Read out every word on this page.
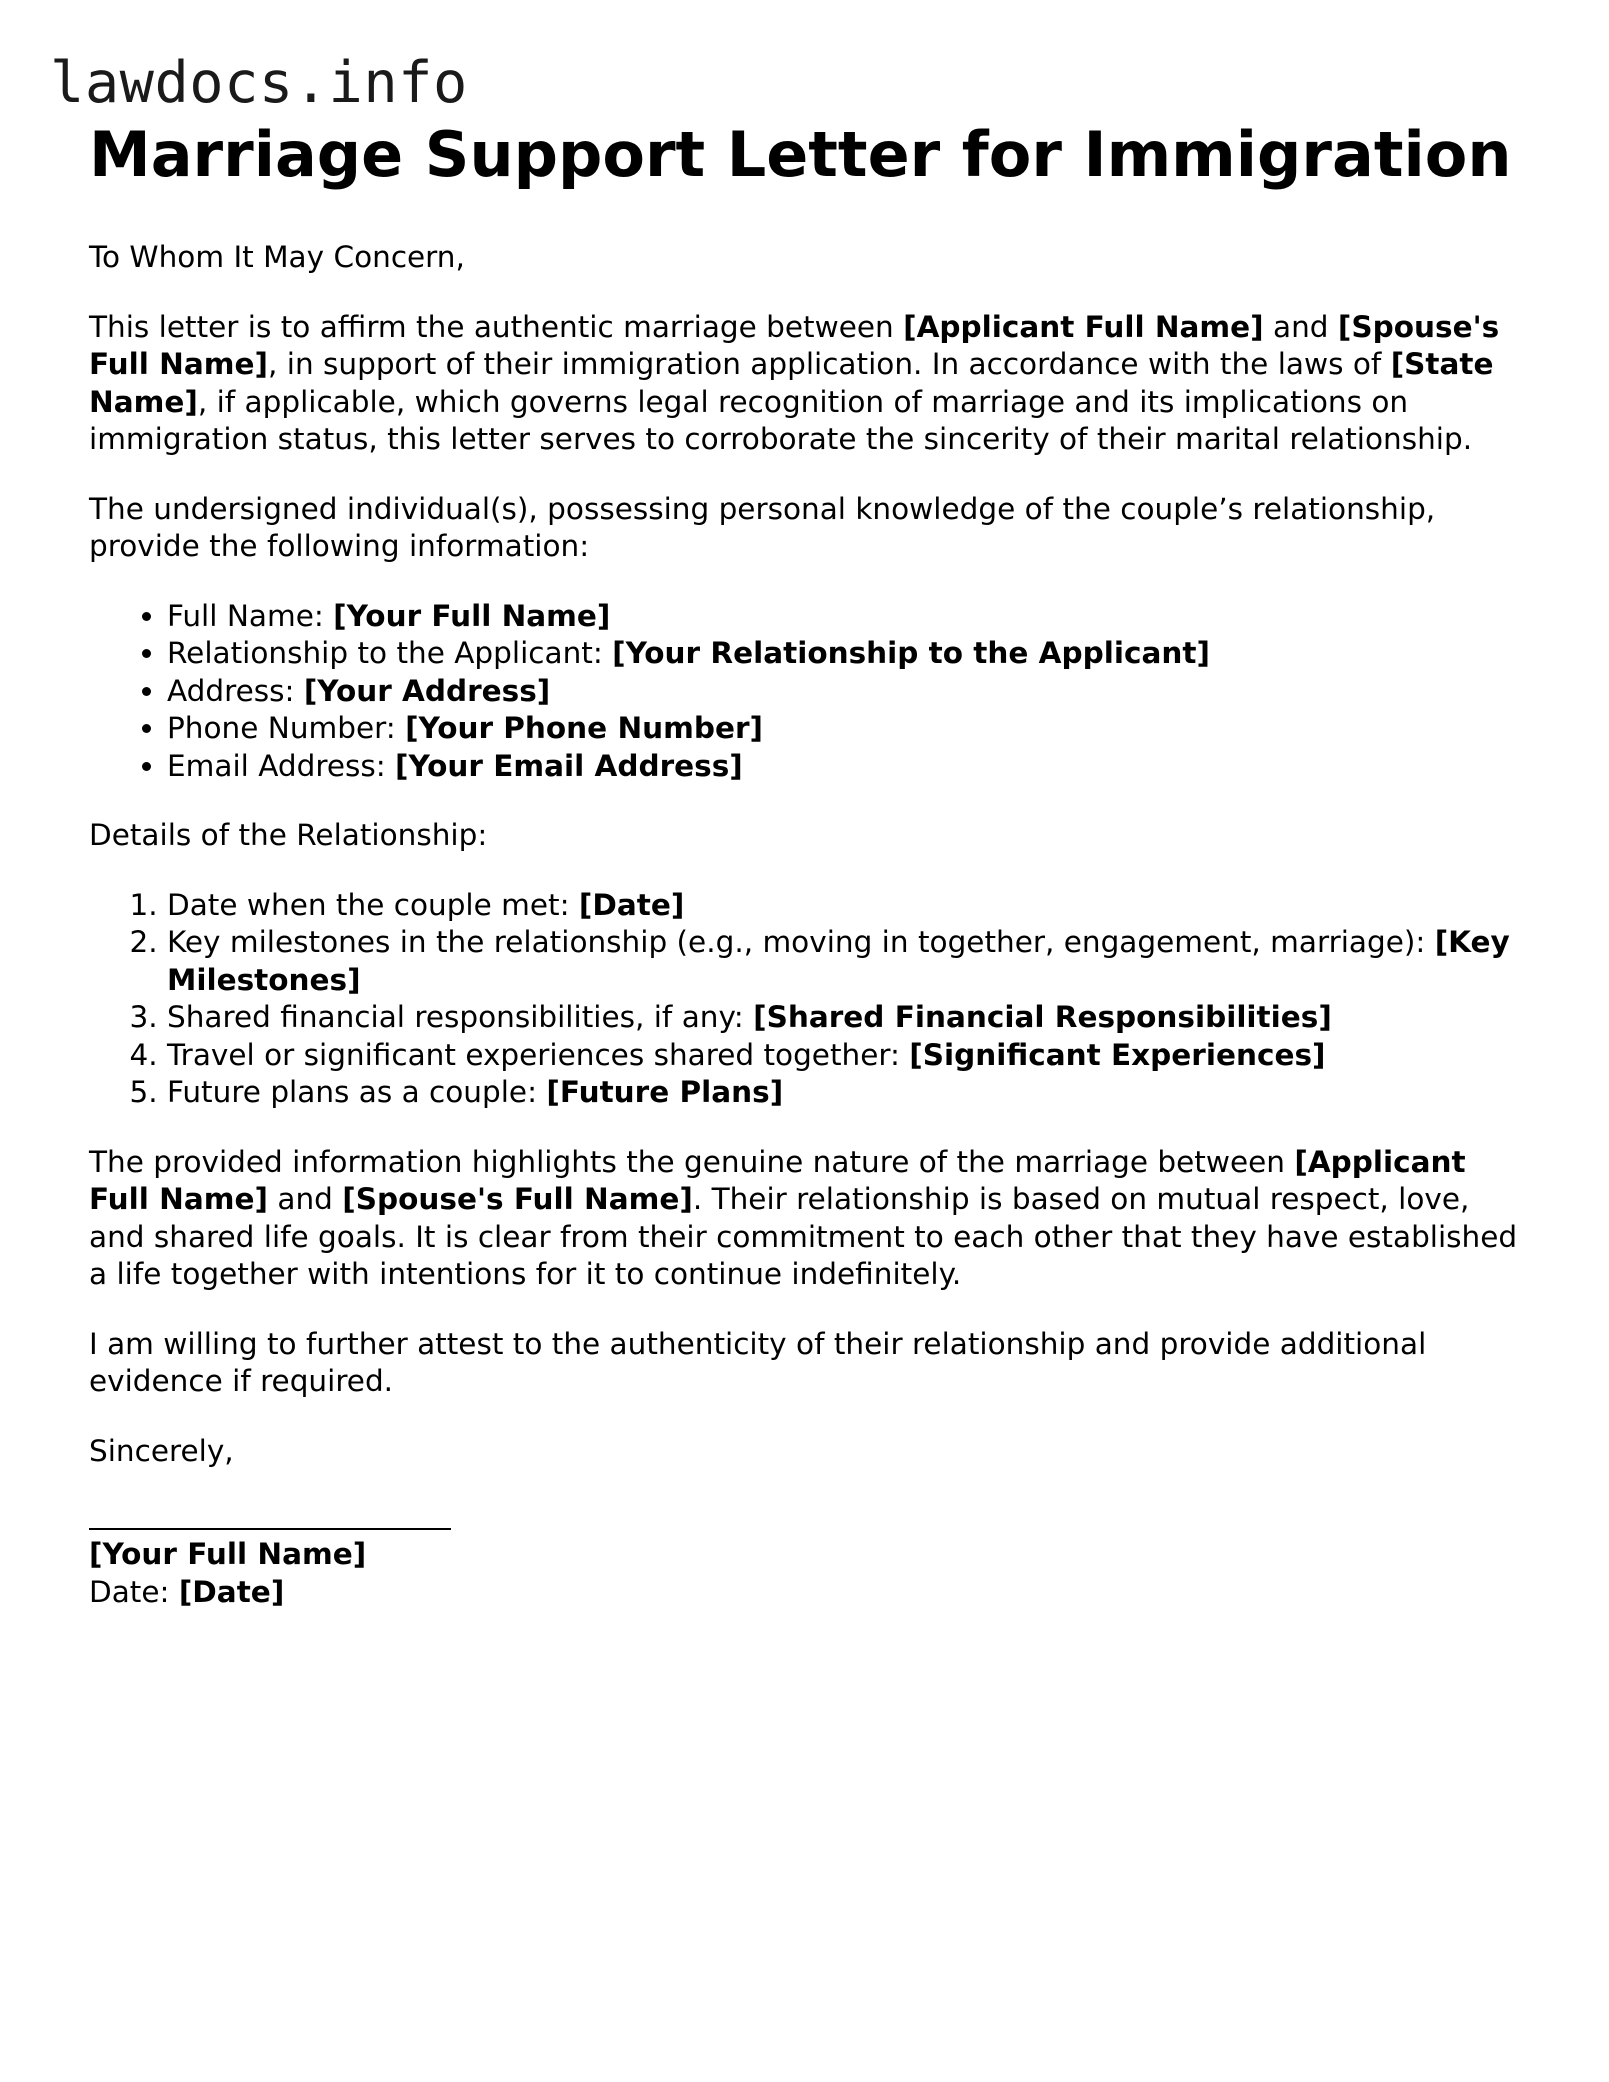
lawdocs.info
Marriage Support Letter for Immigration

To Whom It May Concern,

This letter is to affirm the authentic marriage between [Applicant Full Name] and [Spouse's Full Name], in support of their immigration application. In accordance with the laws of [State Name], if applicable, which governs legal recognition of marriage and its implications on immigration status, this letter serves to corroborate the sincerity of their marital relationship.

The undersigned individual(s), possessing personal knowledge of the couple’s relationship, provide the following information:

• Full Name: [Your Full Name]
• Relationship to the Applicant: [Your Relationship to the Applicant]
• Address: [Your Address]
• Phone Number: [Your Phone Number]
• Email Address: [Your Email Address]

Details of the Relationship:

1. Date when the couple met: [Date]
2. Key milestones in the relationship (e.g., moving in together, engagement, marriage): [Key Milestones]
3. Shared financial responsibilities, if any: [Shared Financial Responsibilities]
4. Travel or significant experiences shared together: [Significant Experiences]
5. Future plans as a couple: [Future Plans]

The provided information highlights the genuine nature of the marriage between [Applicant Full Name] and [Spouse's Full Name]. Their relationship is based on mutual respect, love, and shared life goals. It is clear from their commitment to each other that they have established a life together with intentions for it to continue indefinitely.

I am willing to further attest to the authenticity of their relationship and provide additional evidence if required.

Sincerely,

[Your Full Name]

Date: [Date]
